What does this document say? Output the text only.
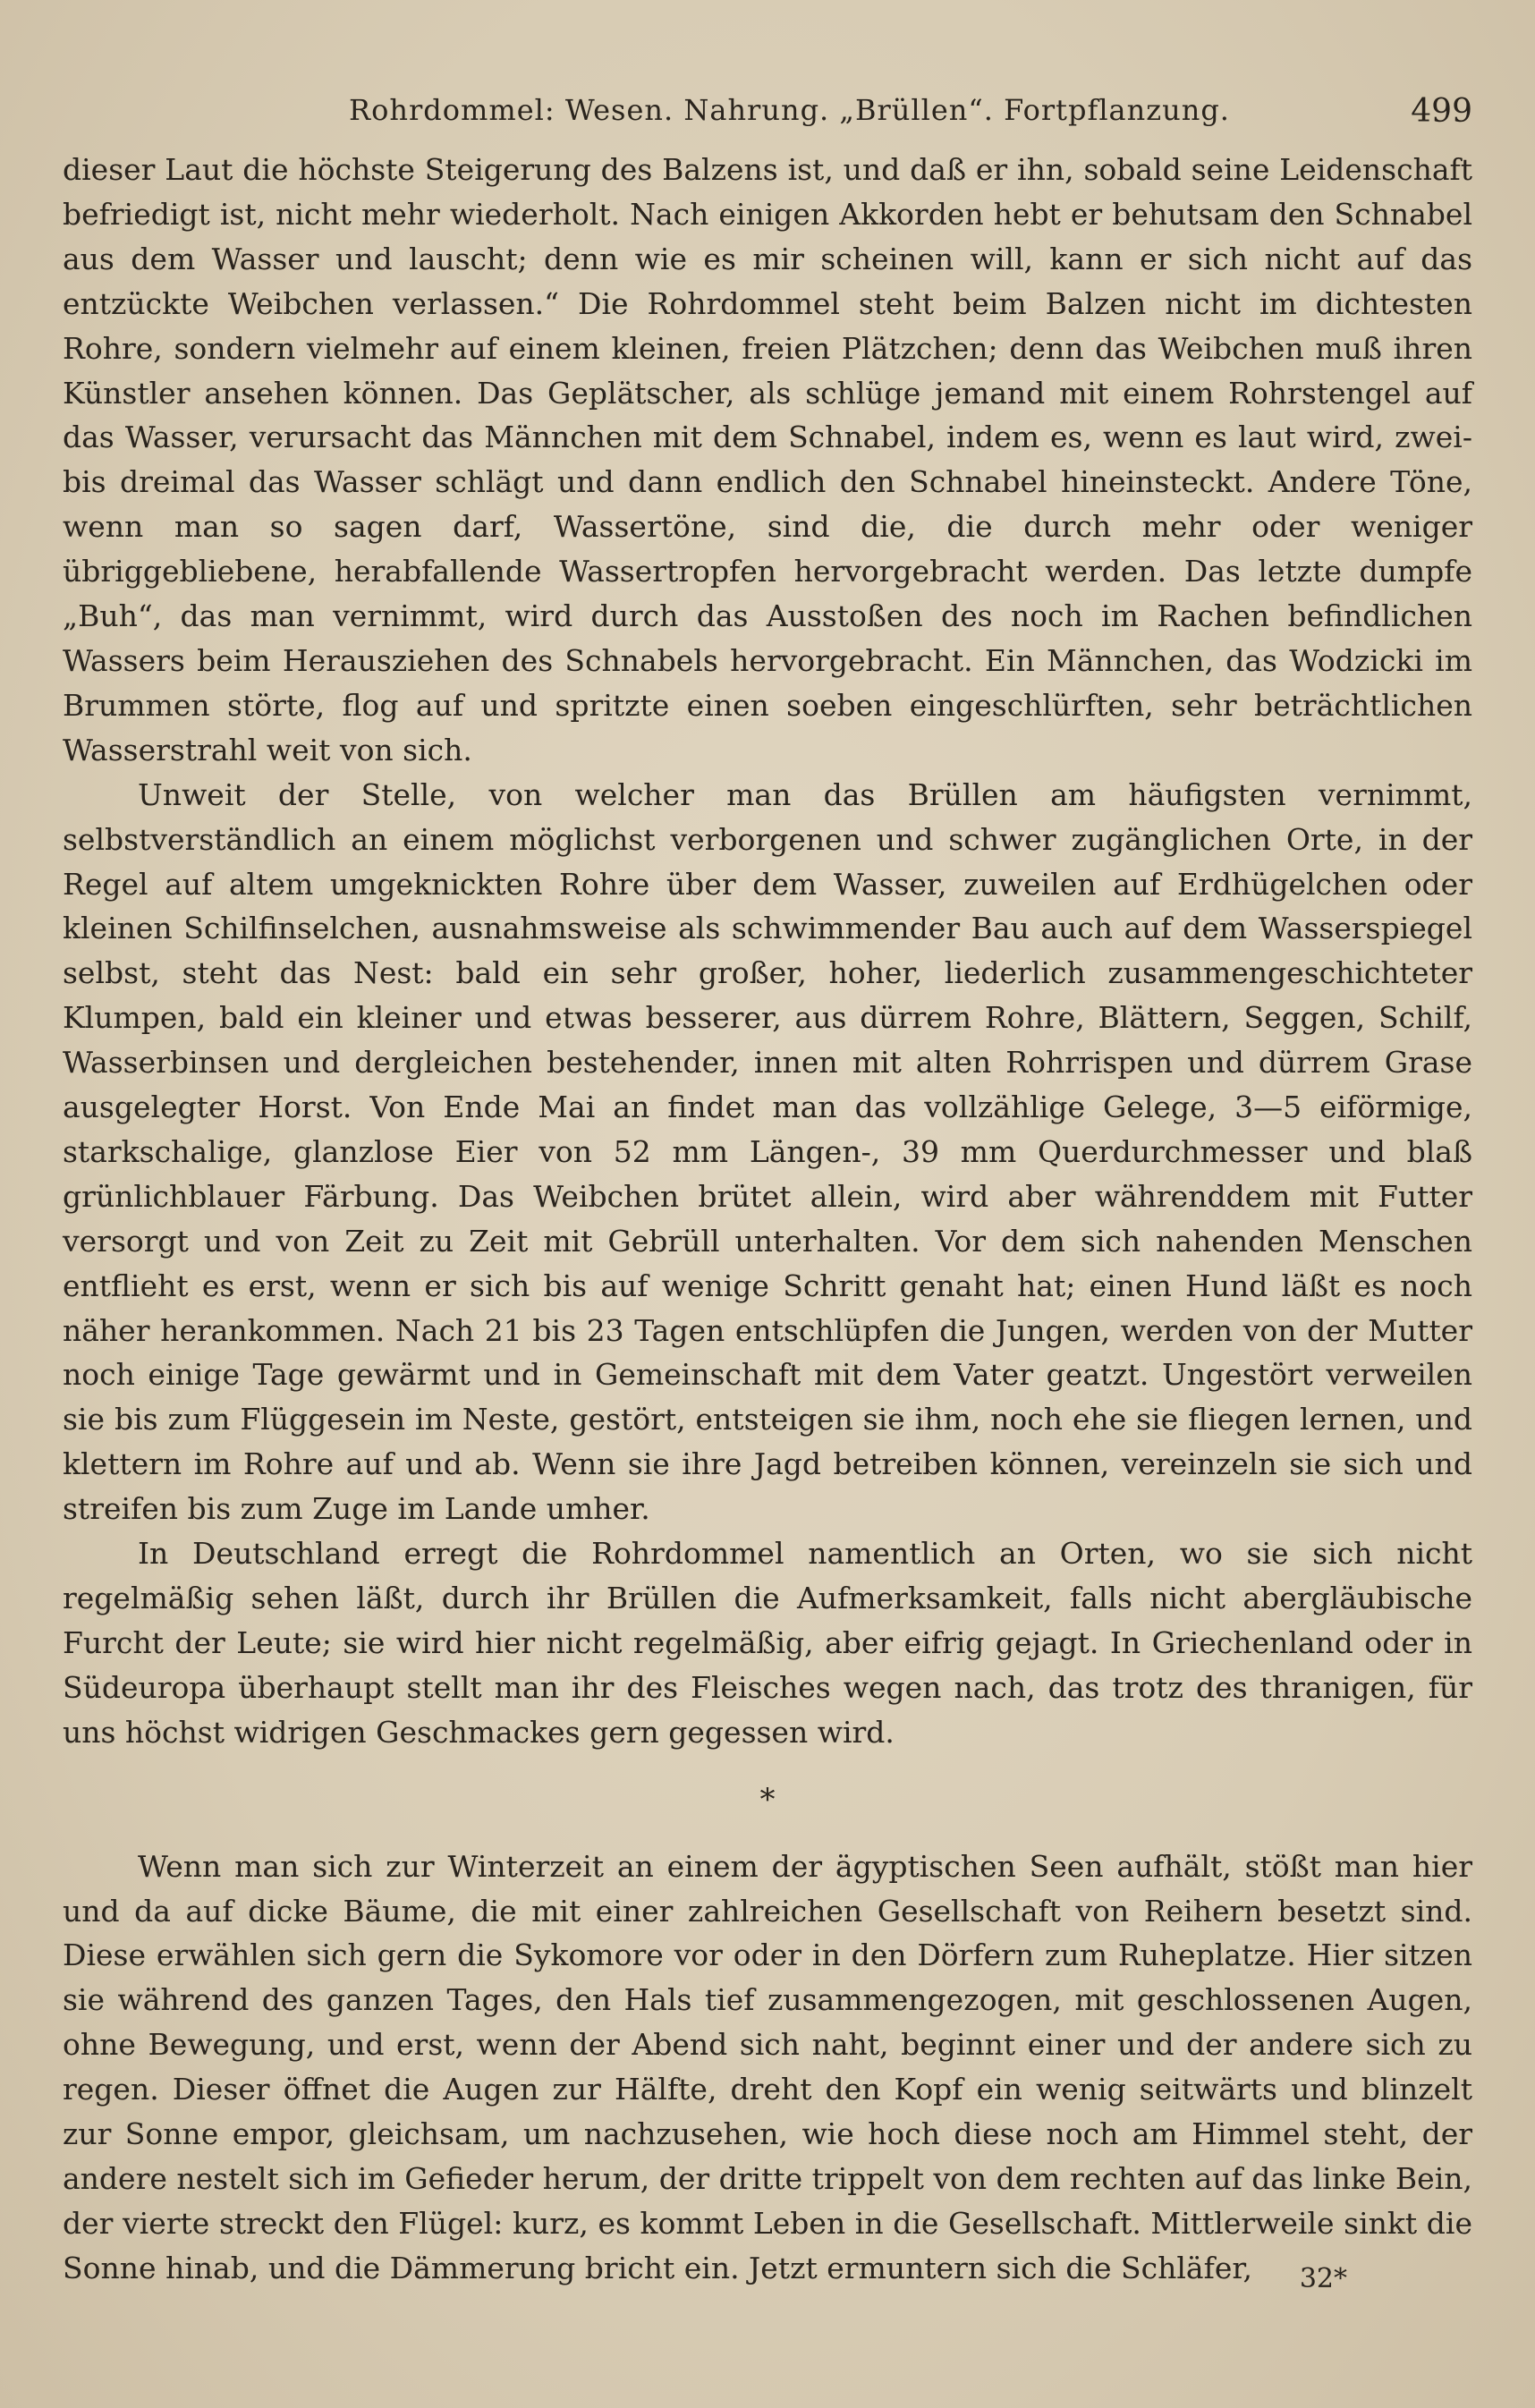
Rohrdommel: Wesen. Nahrung. „Brüllen“. Fortpflanzung.	499

dieser Laut die höchste Steigerung des Balzens ist, und daß er ihn, sobald seine Leidenschaft befriedigt ist, nicht mehr wiederholt. Nach einigen Akkorden hebt er behutsam den Schnabel aus dem Wasser und lauscht; denn wie es mir scheinen will, kann er sich nicht auf das entzückte Weibchen verlassen.“ Die Rohrdommel steht beim Balzen nicht im dichtesten Rohre, sondern vielmehr auf einem kleinen, freien Plätzchen; denn das Weibchen muß ihren Künstler ansehen können. Das Geplätscher, als schlüge jemand mit einem Rohrstengel auf das Wasser, verursacht das Männchen mit dem Schnabel, indem es, wenn es laut wird, zwei- bis dreimal das Wasser schlägt und dann endlich den Schnabel hineinsteckt. Andere Töne, wenn man so sagen darf, Wassertöne, sind die, die durch mehr oder weniger übriggebliebene, herabfallende Wassertropfen hervorgebracht werden. Das letzte dumpfe „Buh“, das man vernimmt, wird durch das Ausstoßen des noch im Rachen befindlichen Wassers beim Herausziehen des Schnabels hervorgebracht. Ein Männchen, das Wodzicki im Brummen störte, flog auf und spritzte einen soeben eingeschlürften, sehr beträchtlichen Wasserstrahl weit von sich.

Unweit der Stelle, von welcher man das Brüllen am häufigsten vernimmt, selbstverständlich an einem möglichst verborgenen und schwer zugänglichen Orte, in der Regel auf altem umgeknickten Rohre über dem Wasser, zuweilen auf Erdhügelchen oder kleinen Schilfinselchen, ausnahmsweise als schwimmender Bau auch auf dem Wasserspiegel selbst, steht das Nest: bald ein sehr großer, hoher, liederlich zusammengeschichteter Klumpen, bald ein kleiner und etwas besserer, aus dürrem Rohre, Blättern, Seggen, Schilf, Wasserbinsen und dergleichen bestehender, innen mit alten Rohrrispen und dürrem Grase ausgelegter Horst. Von Ende Mai an findet man das vollzählige Gelege, 3—5 eiförmige, starkschalige, glanzlose Eier von 52 mm Längen-, 39 mm Querdurchmesser und blaß grünlichblauer Färbung. Das Weibchen brütet allein, wird aber währenddem mit Futter versorgt und von Zeit zu Zeit mit Gebrüll unterhalten. Vor dem sich nahenden Menschen entflieht es erst, wenn er sich bis auf wenige Schritt genaht hat; einen Hund läßt es noch näher herankommen. Nach 21 bis 23 Tagen entschlüpfen die Jungen, werden von der Mutter noch einige Tage gewärmt und in Gemeinschaft mit dem Vater geatzt. Ungestört verweilen sie bis zum Flüggesein im Neste, gestört, entsteigen sie ihm, noch ehe sie fliegen lernen, und klettern im Rohre auf und ab. Wenn sie ihre Jagd betreiben können, vereinzeln sie sich und streifen bis zum Zuge im Lande umher.

In Deutschland erregt die Rohrdommel namentlich an Orten, wo sie sich nicht regelmäßig sehen läßt, durch ihr Brüllen die Aufmerksamkeit, falls nicht abergläubische Furcht der Leute; sie wird hier nicht regelmäßig, aber eifrig gejagt. In Griechenland oder in Südeuropa überhaupt stellt man ihr des Fleisches wegen nach, das trotz des thranigen, für uns höchst widrigen Geschmackes gern gegessen wird.

*

Wenn man sich zur Winterzeit an einem der ägyptischen Seen aufhält, stößt man hier und da auf dicke Bäume, die mit einer zahlreichen Gesellschaft von Reihern besetzt sind. Diese erwählen sich gern die Sykomore vor oder in den Dörfern zum Ruheplatze. Hier sitzen sie während des ganzen Tages, den Hals tief zusammengezogen, mit geschlossenen Augen, ohne Bewegung, und erst, wenn der Abend sich naht, beginnt einer und der andere sich zu regen. Dieser öffnet die Augen zur Hälfte, dreht den Kopf ein wenig seitwärts und blinzelt zur Sonne empor, gleichsam, um nachzusehen, wie hoch diese noch am Himmel steht, der andere nestelt sich im Gefieder herum, der dritte trippelt von dem rechten auf das linke Bein, der vierte streckt den Flügel: kurz, es kommt Leben in die Gesellschaft. Mittlerweile sinkt die Sonne hinab, und die Dämmerung bricht ein. Jetzt ermuntern sich die Schläfer,	32*
